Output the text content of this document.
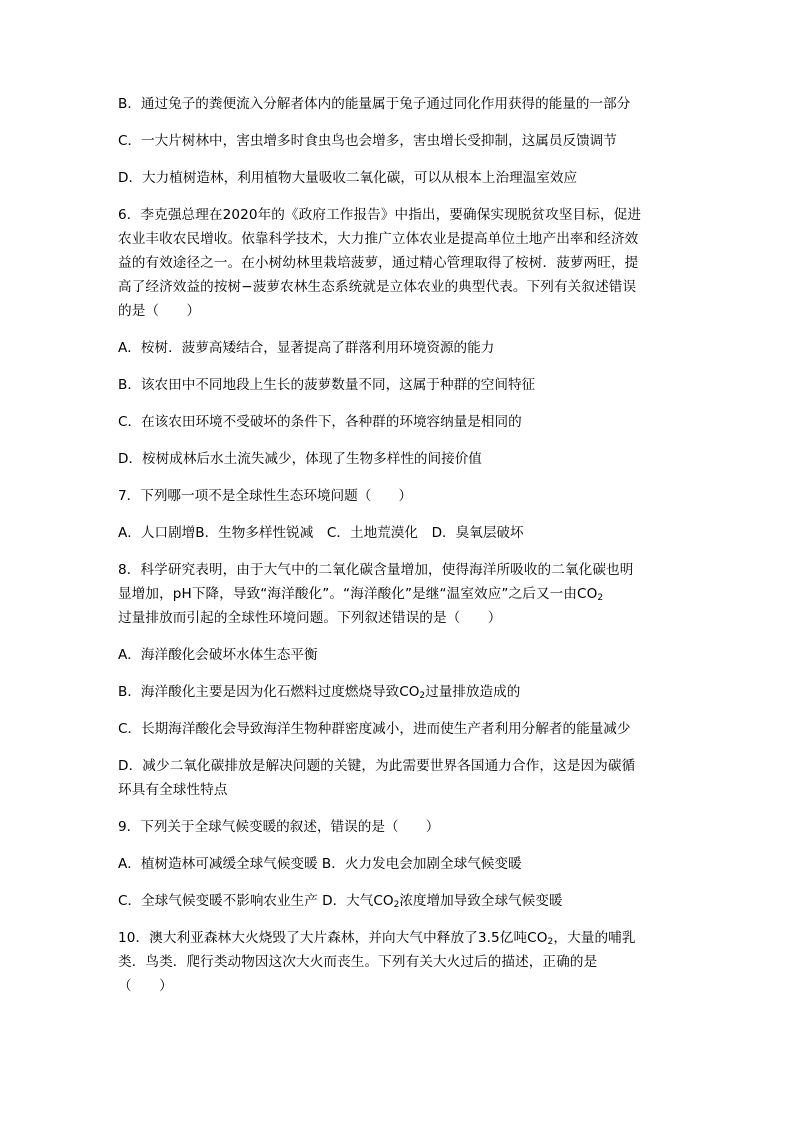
B．通过兔子的粪便流入分解者体内的能量属于兔子通过同化作用获得的能量的一部分
C．一大片树林中，害虫增多时食虫鸟也会增多，害虫增长受抑制，这属员反馈调节
D．大力植树造林，利用植物大量吸收二氧化碳，可以从根本上治理温室效应
6．李克强总理在2020年的《政府工作报告》中指出，要确保实现脱贫攻坚目标，促进
农业丰收农民增收。依靠科学技术，大力推广立体农业是提高单位土地产出率和经济效
益的有效途径之一。在小树幼林里栽培菠萝，通过精心管理取得了桉树．菠萝两旺，提
高了经济效益的按树−菠萝农林生态系统就是立体农业的典型代表。下列有关叙述错误
的是（　　）
A．桉树．菠萝高矮结合，显著提高了群落利用环境资源的能力
B．该农田中不同地段上生长的菠萝数量不同，这属于种群的空间特征
C．在该农田环境不受破坏的条件下，各种群的环境容纳量是相同的
D．桉树成林后水土流失减少，体现了生物多样性的间接价值
7．下列哪一项不是全球性生态环境问题（　　）
A．人口剧增B．生物多样性锐减　C．土地荒漠化　D．臭氧层破坏
8．科学研究表明，由于大气中的二氧化碳含量增加，使得海洋所吸收的二氧化碳也明
显增加，pH下降，导致“海洋酸化”。“海洋酸化”是继“温室效应”之后又一由$CO_2$
过量排放而引起的全球性环境问题。下列叙述错误的是（　　）
A．海洋酸化会破坏水体生态平衡
B．海洋酸化主要是因为化石燃料过度燃烧导致$CO_2$过量排放造成的
C．长期海洋酸化会导致海洋生物种群密度减小，进而使生产者利用分解者的能量减少
D．减少二氧化碳排放是解决问题的关键，为此需要世界各国通力合作，这是因为碳循
环具有全球性特点
9．下列关于全球气候变暖的叙述，错误的是（　　）
A．植树造林可减缓全球气候变暖 B．火力发电会加剧全球气候变暖
C．全球气候变暖不影响农业生产 D．大气$CO_2$浓度增加导致全球气候变暖
10．澳大利亚森林大火烧毁了大片森林，并向大气中释放了3.5亿吨$CO_2$，大量的哺乳
类．鸟类．爬行类动物因这次大火而丧生。下列有关大火过后的描述，正确的是
（　　）
